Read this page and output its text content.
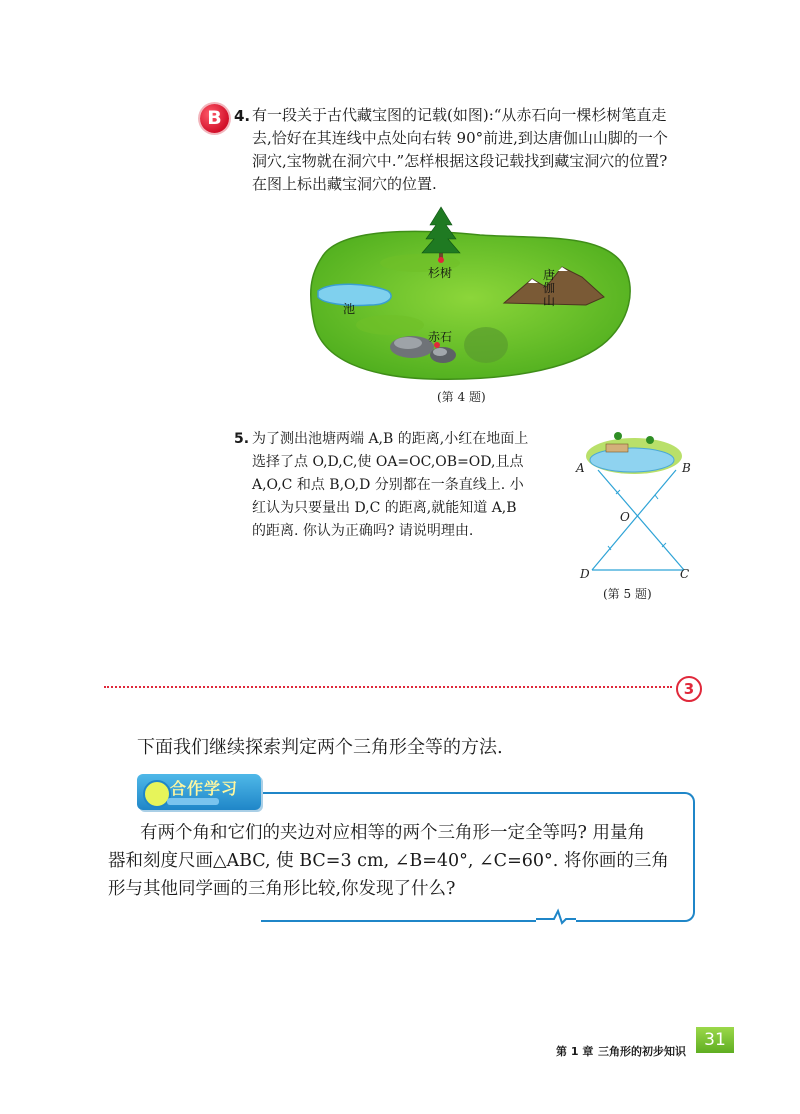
B 4. 有一段关于古代藏宝图的记载(如图):“从赤石向一棵杉树笔直走
去,恰好在其连线中点处向右转 90°前进,到达唐伽山山脚的一个
洞穴,宝物就在洞穴中.”怎样根据这段记载找到藏宝洞穴的位置?
在图上标出藏宝洞穴的位置.
杉树
池
唐
伽
山
赤石
(第 4 题)
5. 为了测出池塘两端 A,B 的距离,小红在地面上
选择了点 O,D,C,使 OA=OC,OB=OD,且点
A,O,C 和点 B,O,D 分别都在一条直线上. 小
红认为只要量出 D,C 的距离,就能知道 A,B
的距离. 你认为正确吗? 请说明理由.
A	B
O
D	C
(第 5 题)
3
下面我们继续探索判定两个三角形全等的方法.
合作学习
有两个角和它们的夹边对应相等的两个三角形一定全等吗? 用量角
器和刻度尺画△ABC, 使 BC=3 cm, ∠B=40°, ∠C=60°. 将你画的三角
形与其他同学画的三角形比较,你发现了什么?
第 1 章 三角形的初步知识
31
